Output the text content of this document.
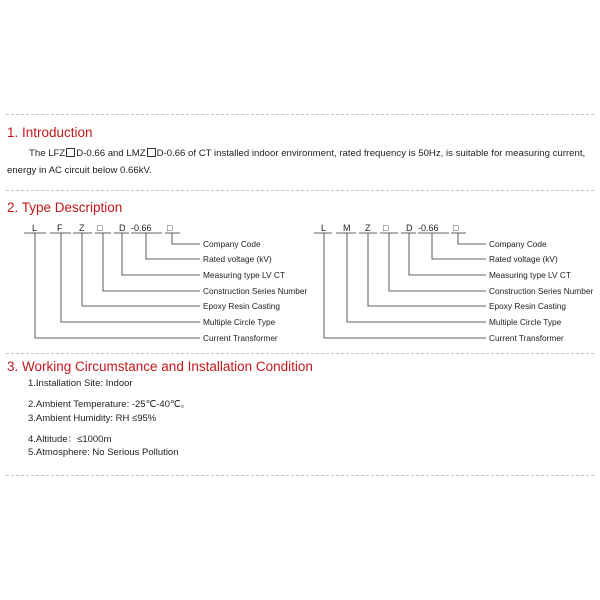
1. Introduction

The LFZ D-0.66 and LMZ D-0.66 of CT installed indoor environment, rated frequency is 50Hz, is suitable for measuring current, energy in AC circuit below 0.66kV.

2. Type Description
L F Z □ D -0.66 □
Company Code
Rated voltage (kV)
Measuring type LV CT
Construction Series Number
Epoxy Resin Casting
Multiple Circle Type
Current Transformer
L M Z □ D -0.66 □
Company Code
Rated voltage (kV)
Measuring type LV CT
Construction Series Number
Epoxy Resin Casting
Multiple Circle Type
Current Transformer
3. Working Circumstance and Installation Condition
1.Installation Site: Indoor
2.Ambient Temperature: -25℃-40℃。
3.Ambient Humidity: RH ≤95%
4.Altitude：≤1000m
5.Atmosphere: No Serious Pollution
